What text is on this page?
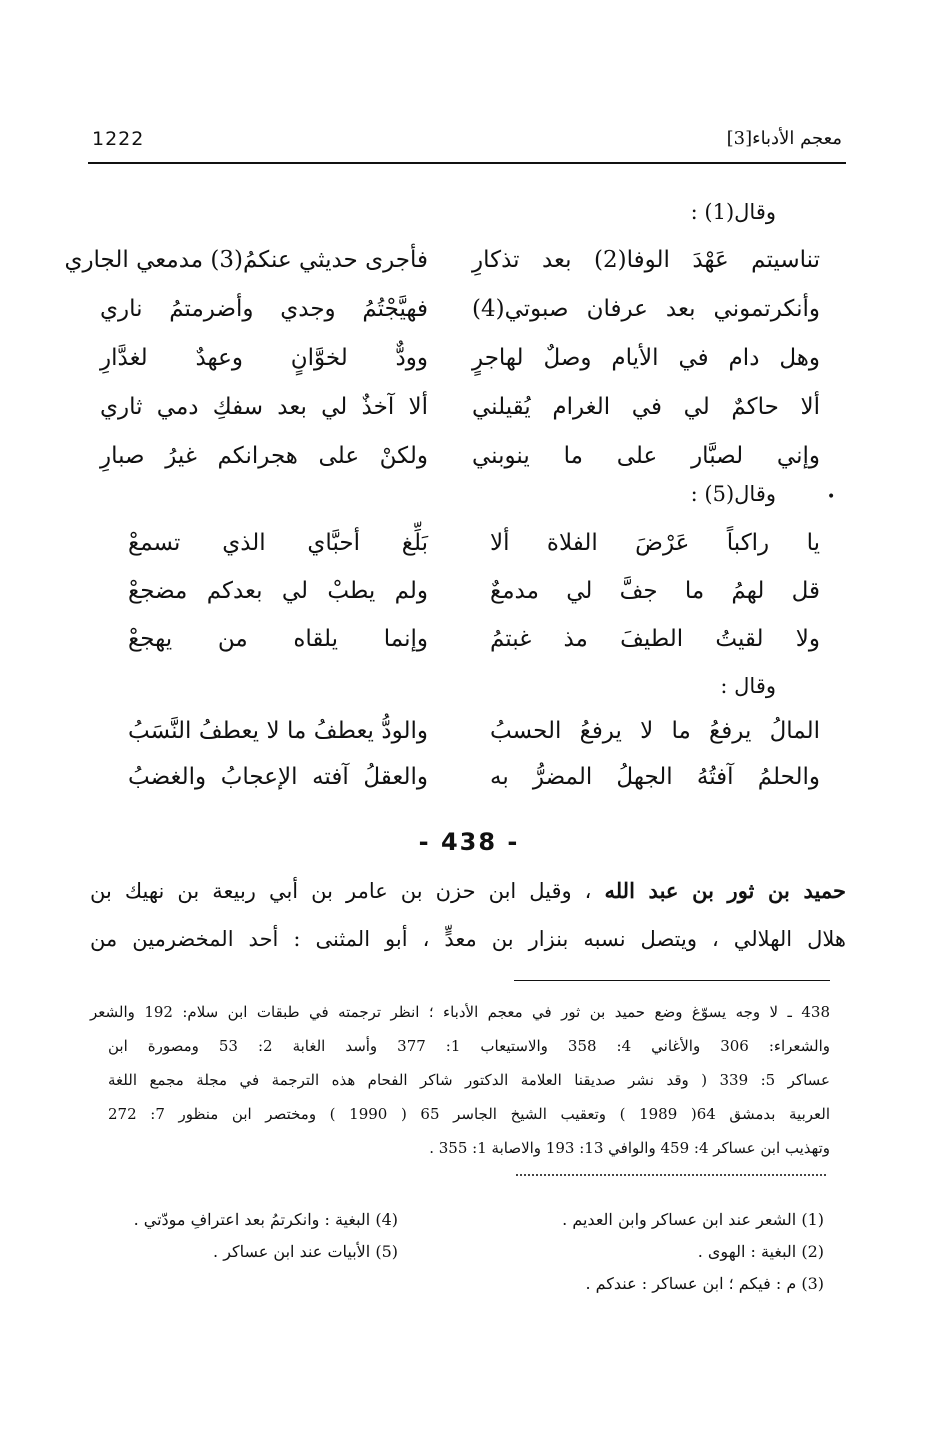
1222	معجم الأدباء[3]
وقال(1) :
تناسيتم عَهْدَ الوفا(2) بعد تذكارِ
فأجرى حديثي عنكمُ(3) مدمعي الجاري
وأنكرتموني بعد عرفان صبوتي(4)
فهيَّجْتُمُ وجدي وأضرمتمُ ناري
وهل دام في الأيام وصلٌ لهاجرٍ
وودٌّ لخوَّانٍ وعهدٌ لغدَّارِ
ألا حاكمٌ لي في الغرام يُقيلني
ألا آخذٌ لي بعد سفكِ دمي ثاري
وإني لصبَّار على ما ينوبني
ولكنْ على هجرانكم غيرُ صبارِ
•
وقال(5) :
يا راكباً عَرْضَ الفلاة ألا
بَلِّغ أحبَّاي الذي تسمعْ
قل لهمُ ما جفَّ لي مدمعٌ
ولم يطبْ لي بعدكم مضجعْ
ولا لقيتُ الطيفَ مذ غبتمُ
وإنما يلقاه من يهجعْ
وقال :
المالُ يرفعُ ما لا يرفعُ الحسبُ
والودُّ يعطفُ ما لا يعطفُ النَّسَبُ
والحلمُ آفتُهُ الجهلُ المضرُّ به
والعقلُ آفته الإعجابُ والغضبُ
- 438 -
حميد بن ثور بن عبد الله ، وقيل ابن حزن بن عامر بن أبي ربيعة بن نهيك بن
هلال الهلالي ، ويتصل نسبه بنزار بن معدٍّ ، أبو المثنى : أحد المخضرمين من
438 ـ لا وجه يسوّغ وضع حميد بن ثور في معجم الأدباء ؛ انظر ترجمته في طبقات ابن سلام: 192 والشعر
والشعراء: 306 والأغاني 4: 358 والاستيعاب 1: 377 وأسد الغابة 2: 53 ومصورة ابن
عساكر 5: 339 ( وقد نشر صديقنا العلامة الدكتور شاكر الفحام هذه الترجمة في مجلة مجمع اللغة
العربية بدمشق 64( 1989 ) وتعقيب الشيخ الجاسر 65 ( 1990 ) ومختصر ابن منظور 7: 272
وتهذيب ابن عساكر 4: 459 والوافي 13: 193 والاصابة 1: 355 .
(1) الشعر عند ابن عساكر وابن العديم .
(2) البغية : الهوى .
(3) م : فيكم ؛ ابن عساكر : عندكم .
(4) البغية : وانكرتمُ بعد اعترافِ مودّتي .
(5) الأبيات عند ابن عساكر .
